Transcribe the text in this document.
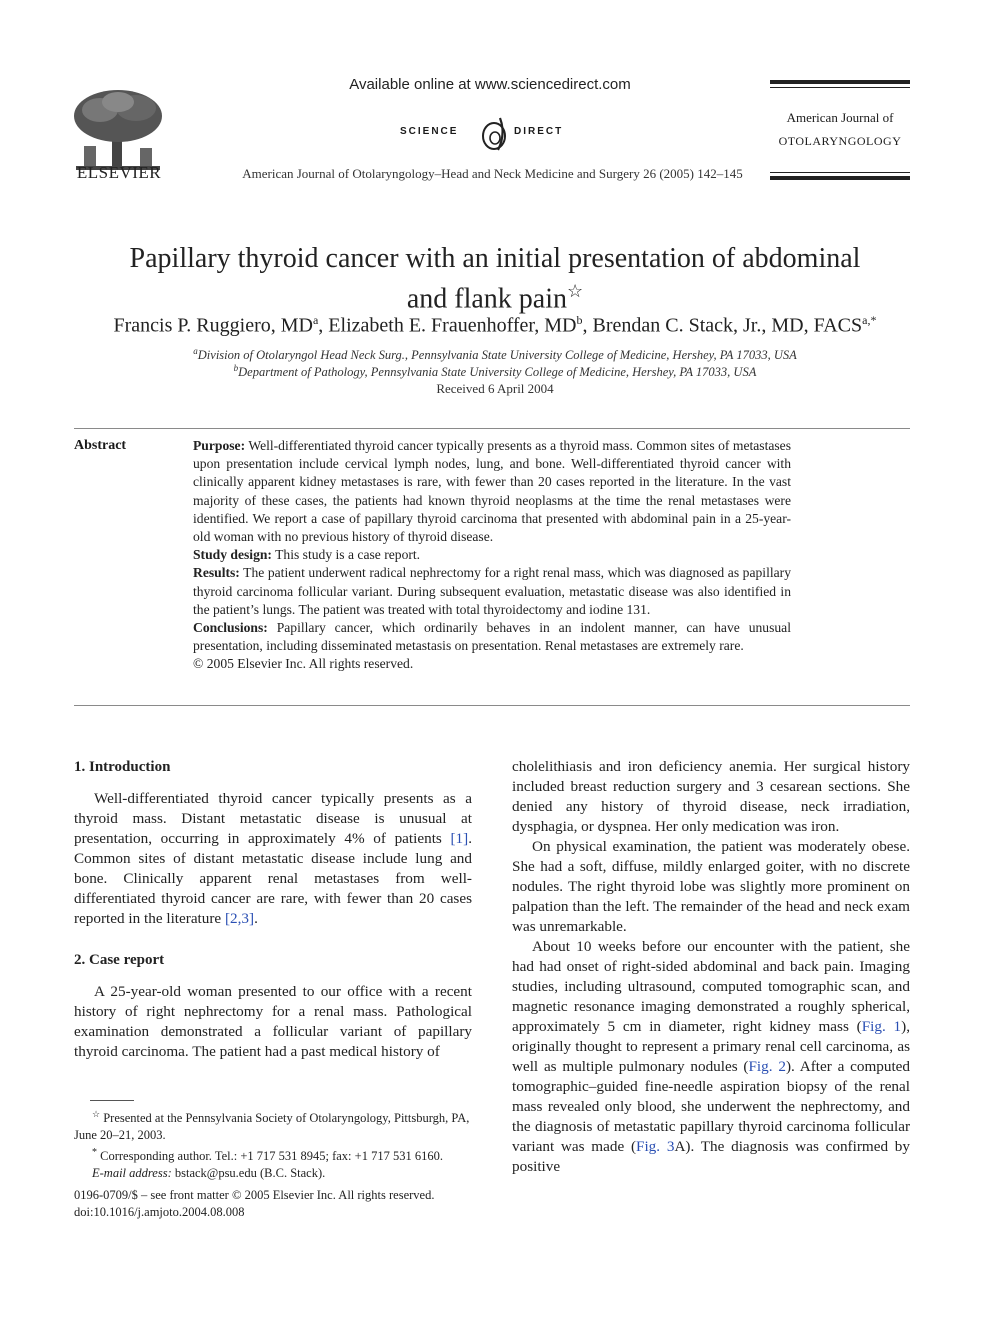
ELSEVIER
Available online at www.sciencedirect.com
SCIENCE	DIRECT
American Journal of Otolaryngology–Head and Neck Medicine and Surgery 26 (2005) 142–145
American Journal of
OTOLARYNGOLOGY
Papillary thyroid cancer with an initial presentation of abdominal
and flank pain☆
Francis P. Ruggiero, $MD^a$, Elizabeth E. Frauenhoffer, $MD^b$, Brendan C. Stack, Jr., MD, $FACS^{a,*}$
$^a$Division of Otolaryngol Head Neck Surg., Pennsylvania State University College of Medicine, Hershey, PA 17033, USA
$^b$Department of Pathology, Pennsylvania State University College of Medicine, Hershey, PA 17033, USA
Received 6 April 2004
Abstract	Purpose: Well-differentiated thyroid cancer typically presents as a thyroid mass. Common sites of metastases upon presentation include cervical lymph nodes, lung, and bone. Well-differentiated thyroid cancer with clinically apparent kidney metastases is rare, with fewer than 20 cases reported in the literature. In the vast majority of these cases, the patients had known thyroid neoplasms at the time the renal metastases were identified. We report a case of papillary thyroid carcinoma that presented with abdominal pain in a 25-year-old woman with no previous history of thyroid disease.

Study design: This study is a case report.

Results: The patient underwent radical nephrectomy for a right renal mass, which was diagnosed as papillary thyroid carcinoma follicular variant. During subsequent evaluation, metastatic disease was also identified in the patient’s lungs. The patient was treated with total thyroidectomy and iodine 131.

Conclusions: Papillary cancer, which ordinarily behaves in an indolent manner, can have unusual presentation, including disseminated metastasis on presentation. Renal metastases are extremely rare.

© 2005 Elsevier Inc. All rights reserved.

1. Introduction

Well-differentiated thyroid cancer typically presents as a thyroid mass. Distant metastatic disease is unusual at presentation, occurring in approximately 4% of patients [1]. Common sites of distant metastatic disease include lung and bone. Clinically apparent renal metastases from well-differentiated thyroid cancer are rare, with fewer than 20 cases reported in the literature [2,3].

2. Case report

A 25-year-old woman presented to our office with a recent history of right nephrectomy for a renal mass. Pathological examination demonstrated a follicular variant of papillary thyroid carcinoma. The patient had a past medical history of

cholelithiasis and iron deficiency anemia. Her surgical history included breast reduction surgery and 3 cesarean sections. She denied any history of thyroid disease, neck irradiation, dysphagia, or dyspnea. Her only medication was iron.

On physical examination, the patient was moderately obese. She had a soft, diffuse, mildly enlarged goiter, with no discrete nodules. The right thyroid lobe was slightly more prominent on palpation than the left. The remainder of the head and neck exam was unremarkable.

About 10 weeks before our encounter with the patient, she had had onset of right-sided abdominal and back pain. Imaging studies, including ultrasound, computed tomographic scan, and magnetic resonance imaging demonstrated a roughly spherical, approximately 5 cm in diameter, right kidney mass (Fig. 1), originally thought to represent a primary renal cell carcinoma, as well as multiple pulmonary nodules (Fig. 2). After a computed tomographic–guided fine-needle aspiration biopsy of the renal mass revealed only blood, she underwent the nephrectomy, and the diagnosis of metastatic papillary thyroid carcinoma follicular variant was made (Fig. 3A). The diagnosis was confirmed by positive

☆ Presented at the Pennsylvania Society of Otolaryngology, Pittsburgh, PA, June 20–21, 2003.

* Corresponding author. Tel.: +1 717 531 8945; fax: +1 717 531 6160.

E-mail address: bstack@psu.edu (B.C. Stack).

0196-0709/$ – see front matter © 2005 Elsevier Inc. All rights reserved.

doi:10.1016/j.amjoto.2004.08.008
